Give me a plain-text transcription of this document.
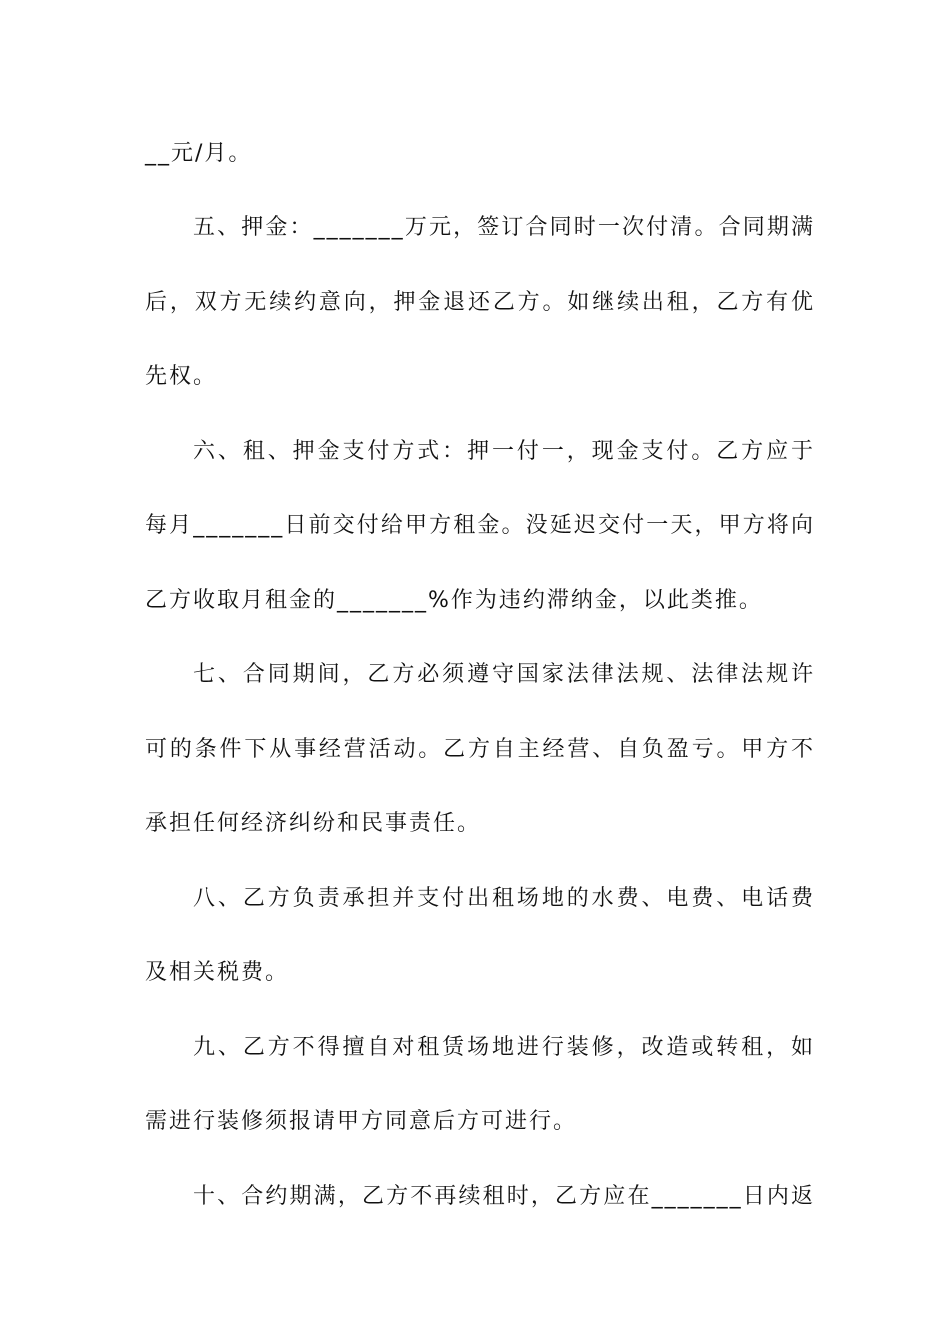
__元/月。
五、押金：_______万元，签订合同时一次付清。合同期满
后，双方无续约意向，押金退还乙方。如继续出租，乙方有优
先权。
六、租、押金支付方式：押一付一，现金支付。乙方应于
每月_______日前交付给甲方租金。没延迟交付一天，甲方将向
乙方收取月租金的_______%作为违约滞纳金，以此类推。
七、合同期间，乙方必须遵守国家法律法规、法律法规许
可的条件下从事经营活动。乙方自主经营、自负盈亏。甲方不
承担任何经济纠纷和民事责任。
八、乙方负责承担并支付出租场地的水费、电费、电话费
及相关税费。
九、乙方不得擅自对租赁场地进行装修，改造或转租，如
需进行装修须报请甲方同意后方可进行。
十、合约期满，乙方不再续租时，乙方应在_______日内返
